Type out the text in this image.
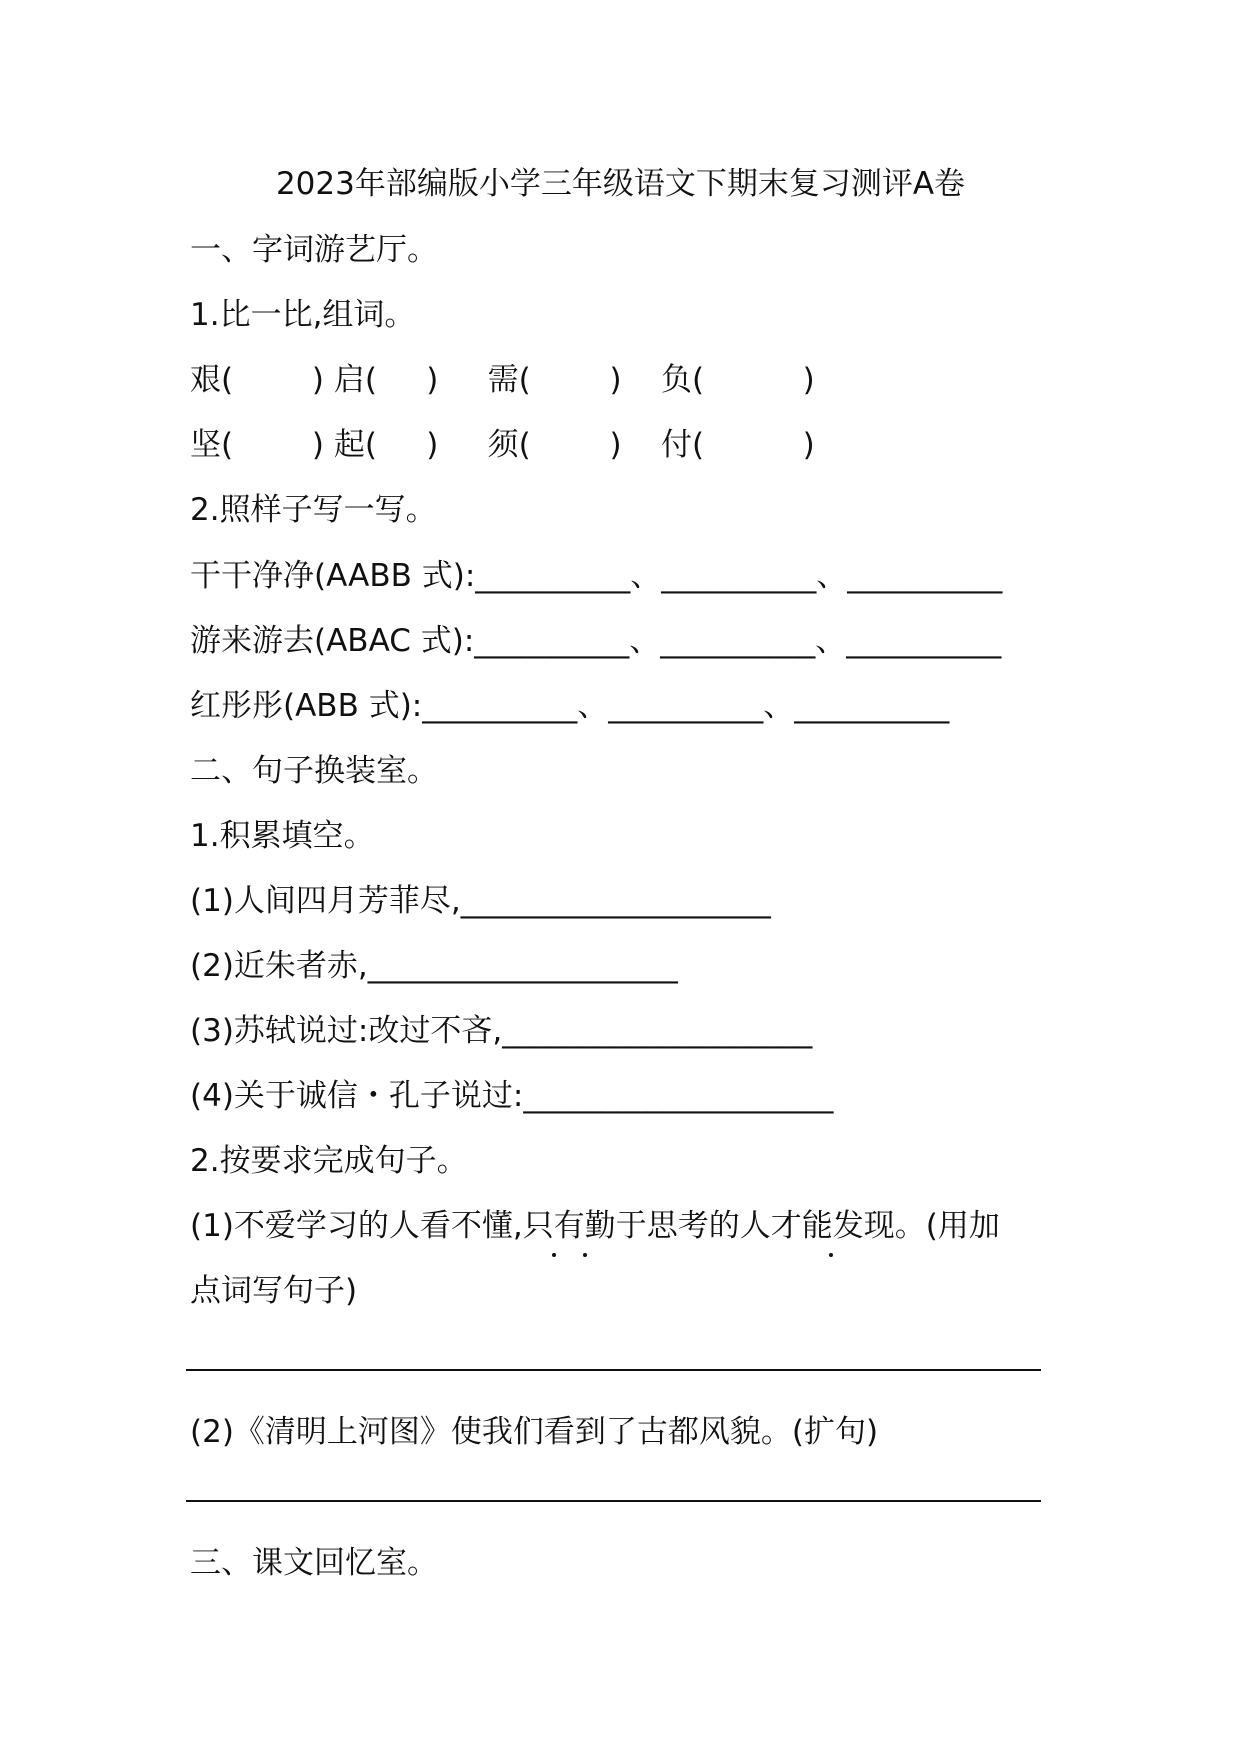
2023年部编版小学三年级语文下期末复习测评A卷
一、字词游艺厅。
1.比一比,组词。
艰(        ) 启(     )     需(        )    负(          )
坚(        ) 起(     )     须(        )    付(          )
2.照样子写一写。
干干净净(AABB 式):__________、__________、__________
游来游去(ABAC 式):__________、__________、__________
红彤彤(ABB 式):__________、__________、__________
二、句子换装室。
1.积累填空。
(1)人间四月芳菲尽,____________________
(2)近朱者赤,____________________
(3)苏轼说过:改过不吝,____________________
(4)关于诚信・孔子说过:____________________
2.按要求完成句子。
(1)不爱学习的人看不懂,只有勤于思考的人才能发现。(用加
点词写句子)
(2)《清明上河图》使我们看到了古都风貌。(扩句)
三、课文回忆室。
